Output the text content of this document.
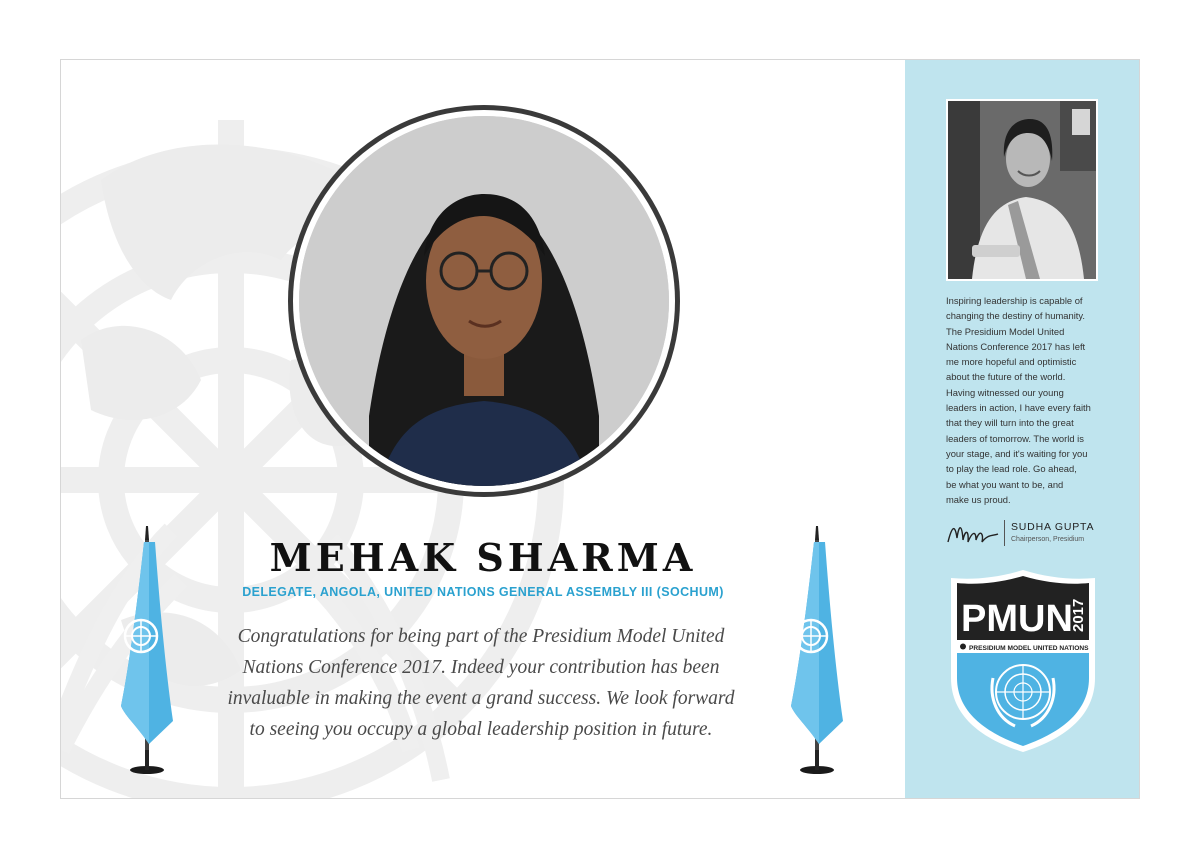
MEHAK SHARMA
DELEGATE, ANGOLA, UNITED NATIONS GENERAL ASSEMBLY III (SOCHUM)

Congratulations for being part of the Presidium Model United
Nations Conference 2017. Indeed your contribution has been
invaluable in making the event a grand success. We look forward
to seeing you occupy a global leadership position in future.

Inspiring leadership is capable of
changing the destiny of humanity.
The Presidium Model United
Nations Conference 2017 has left
me more hopeful and optimistic
about the future of the world.
Having witnessed our young
leaders in action, I have every faith
that they will turn into the great
leaders of tomorrow. The world is
your stage, and it's waiting for you
to play the lead role. Go ahead,
be what you want to be, and
make us proud.

SUDHA GUPTA
Chairperson, Presidium
PMUN
2017
PRESIDIUM MODEL UNITED NATIONS
